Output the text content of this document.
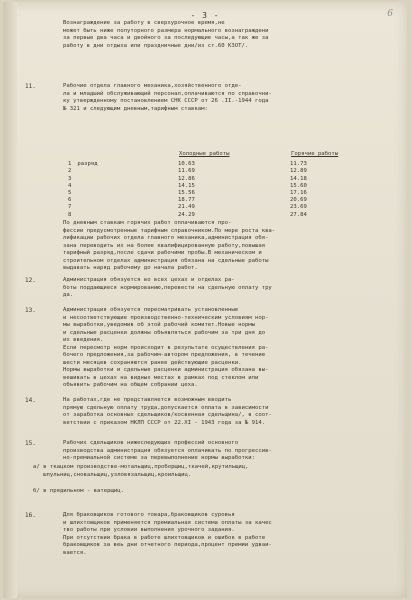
- 3 -	6
Вознаграждение за работу в сверхурочное время,не
может быть ниже полуторного размера нормального вознаграждени
за первые два часа и двойного за последующие часы,а так же за
работу в дни отдыха или праздничные дни/из ст.60 КЗОТ/.
11.	Рабочие отдела главного механика,хозяйственного отде-
ла и младший обслуживающий персонал,оплачиваются по справочни-
ку утвержденному постановлением СНК СССР от 26 .II.-1944 года
№ 321 и следующим дневным,тарифным ставкам:
	Холодные работы	Горячие работы
1 разряд	10.63	11.73
2	11.69	12.89
3	12.86	14.18
4	14.15	15.60
5	15.56	17.16
6	18.77	20.69
7	21.49	23.69
8	24.29	27.84
По дневным ставкам горячих работ оплачиваются про-
фессии предусмотренные тарифным справочником.По мере роста ква-
лификации рабочих отдела главного механика,администрация обя-
зана переводить их на более квалифицированную работу,повышая
тарифный разряд,после сдачи рабочими пробы.В механическом и
строительном отделах администрация обязана на сдельные работы
выдавать наряд рабочему до начала работ.
12.	Администрация обязуется во всех цехах и отделах ра-
боты поддающиеся нормированию,перевести на сдельную оплату тру
да.
13.	Администрация обязуется пересматривать установленные
и несоответствующие производственно-техническим условиям нор-
мы выработки,уведомив об этой рабочий комитет.Новые нормы
и сдельные расценки должны объявляться рабочим за три дня до
их введения.
Если пересмотр норм происходит в результате осуществления ра-
бочего предложения,за рабочим-автором предложения, в течение
шести месяцев сохраняются ранее действующие расценки.
Нормы выработки и сдельные расценки администрация обязана вы-
вешивать в цехах на видных местах в рамках под стеклом или
объявить рабочим на общем собрании цеха.
14.	На работах,где не представляется возможным вводить
прямую сдельную оплату труда,допускается оплата в зависимости
от заработка основных сдельщиков/косвенная сдельщина/, в соот-
ветствии с приказом НКЛП СССР от 22.XI - 1943 года за № 914.
15.	Рабочих сдельщиков нижеследующих профессий основного
производства администрация обязуется оплачивать по прогрессив-
но-премиальной системе за перевыполнение нормы выработки:
а/ в ткацком производстве-мотальщиц,проборщиц,ткачей,крутильщиц,
шпульниц,сновальщиц,узловязальщиц,кроильщиц.
б/ в прядильном - ватерщиц.
16.	Для браковщиков готового товара,браковщиков суровья
и шлихтовщиков применяется премиальная система оплаты за качес
тво работы при условии выполнения урочного задания.
При отсутствии брака в работе шлихтовщиков и ошибок в работе
браковщиков за веь дни отчетного периода,процент премии удваи-
вается.
